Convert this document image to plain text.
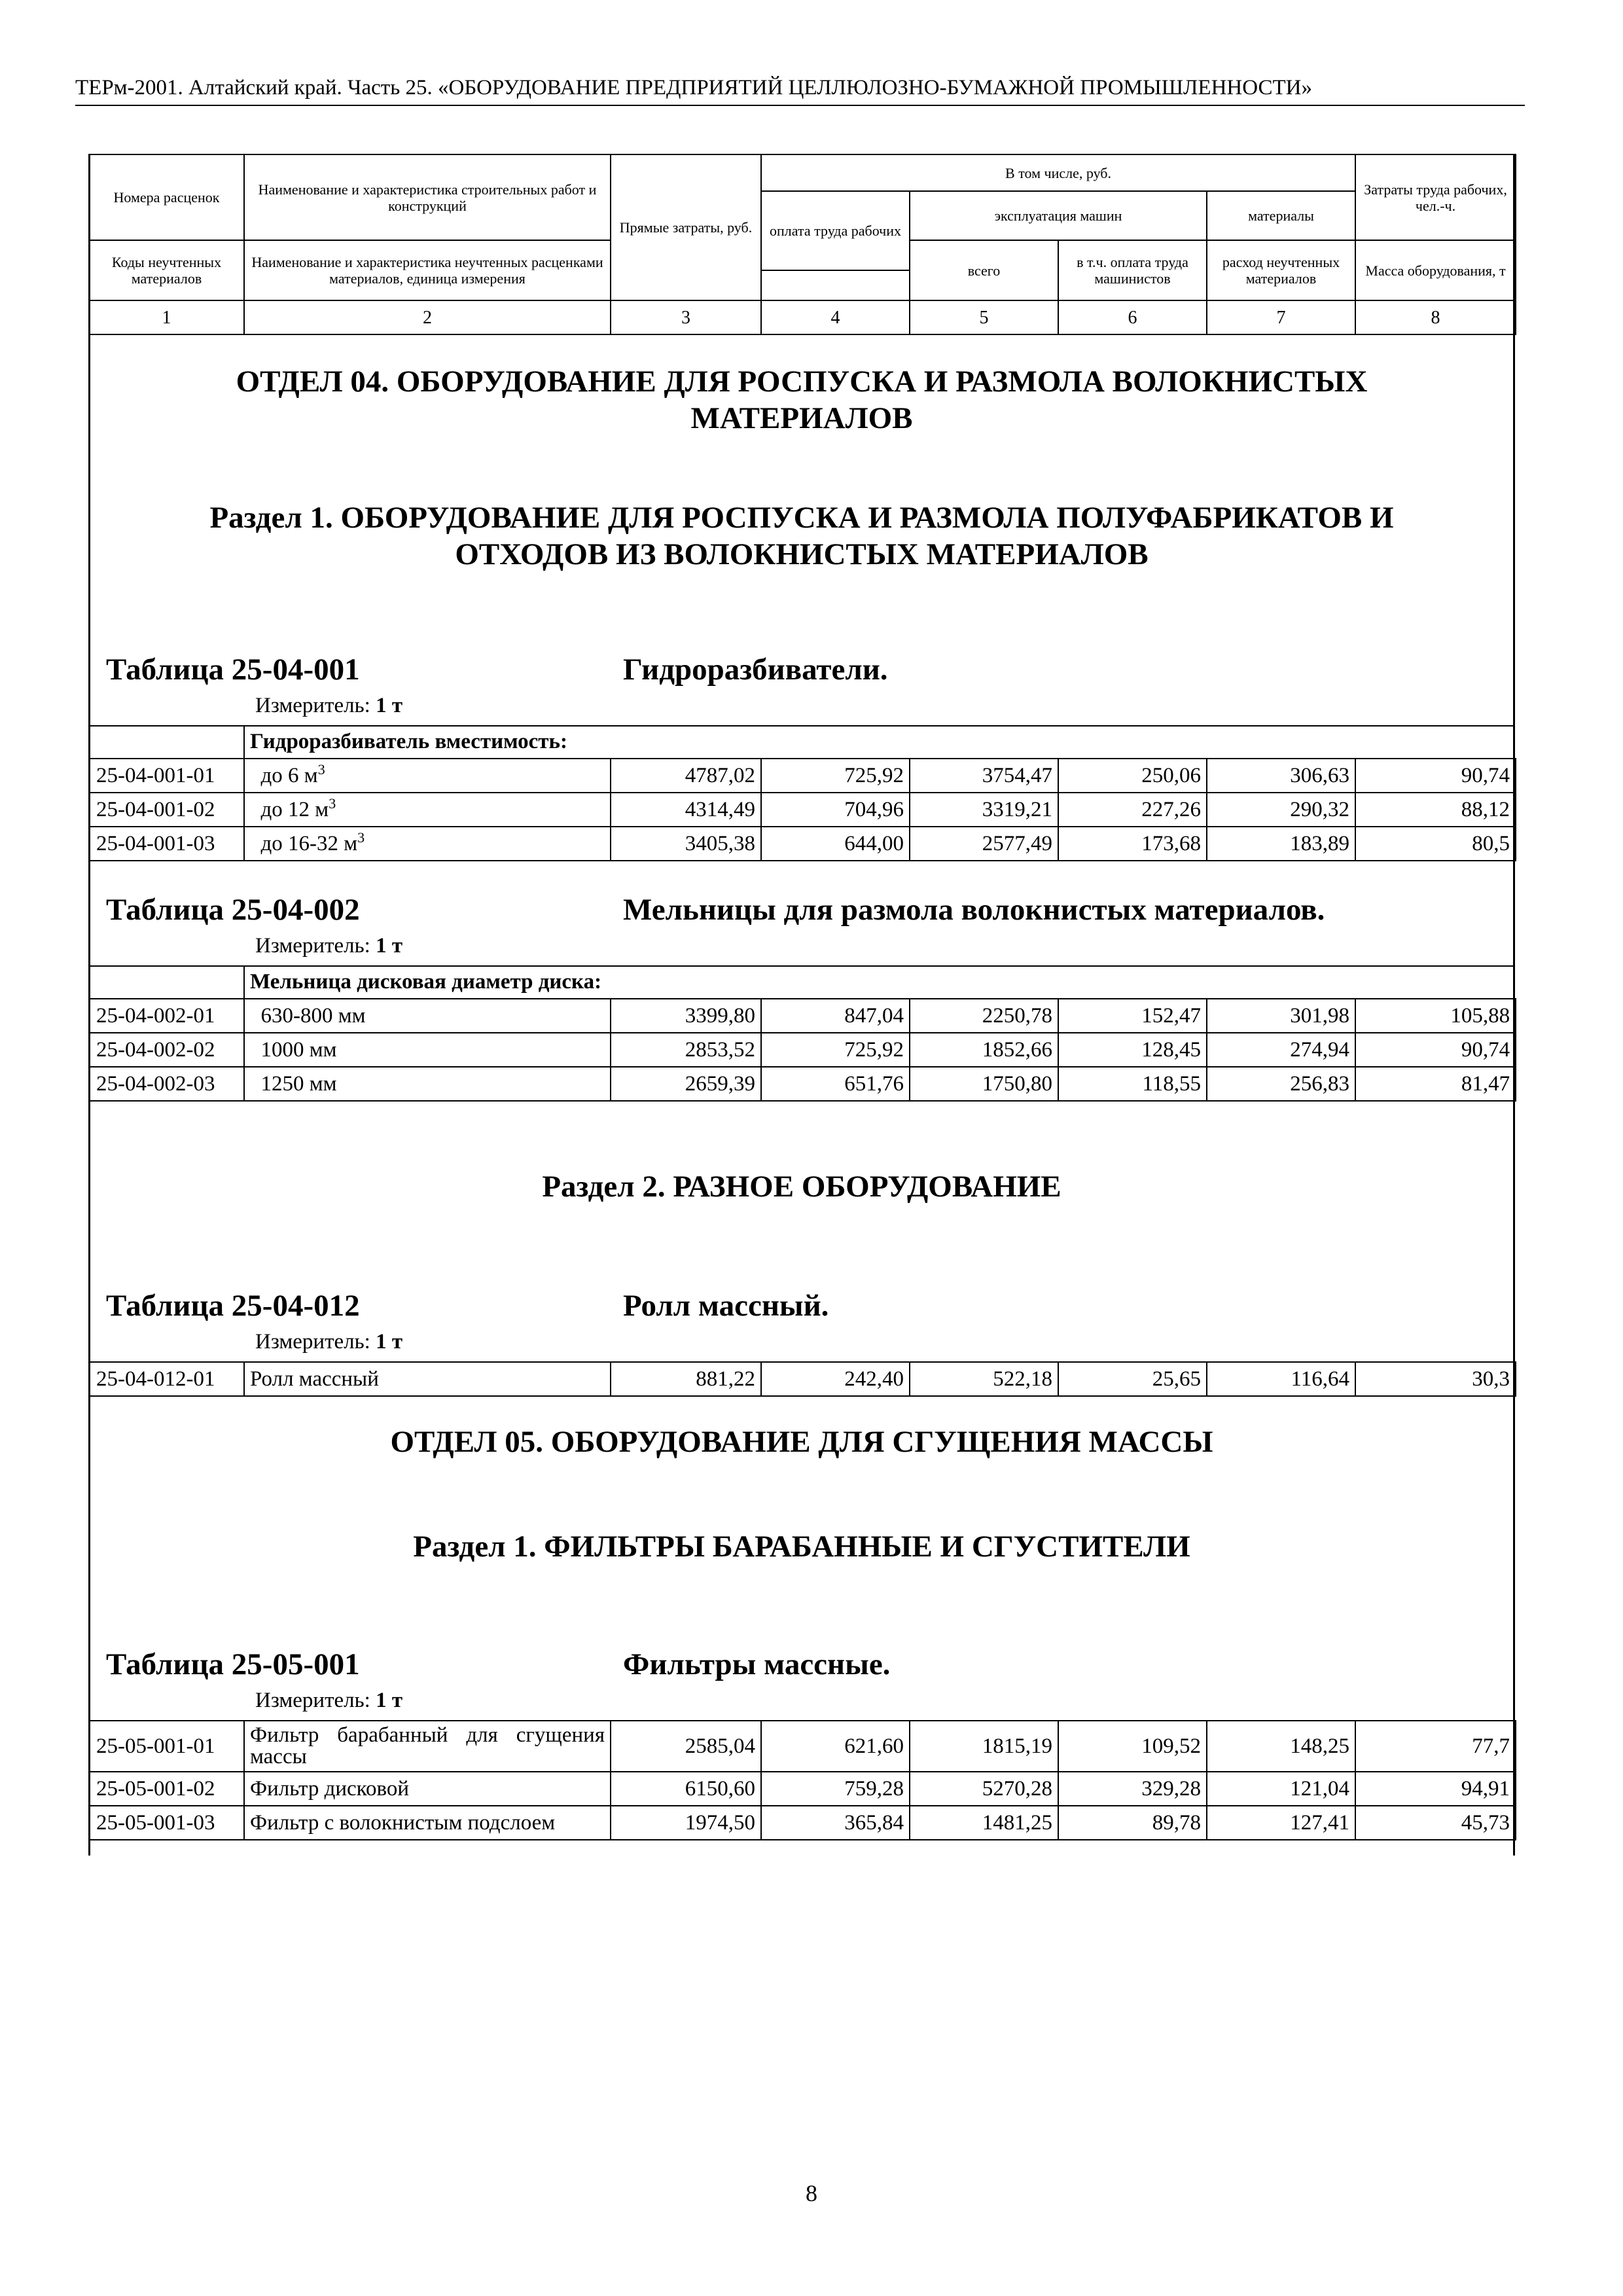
ТЕРм-2001. Алтайский край. Часть 25. «ОБОРУДОВАНИЕ ПРЕДПРИЯТИЙ ЦЕЛЛЮЛОЗНО-БУМАЖНОЙ ПРОМЫШЛЕННОСТИ»
Номера расценок	Наименование и характеристика строительных работ и конструкций	Прямые затраты, руб.	В том числе, руб.				Затраты труда рабочих, чел.-ч.
			оплата труда рабочих	эксплуатация машин		материалы	
Коды неучтенных материалов	Наименование и характеристика неучтенных расценками материалов, единица измерения			всего	в т.ч. оплата труда машинистов	расход неучтенных материалов	Масса оборудования, т

1	2	3	4	5	6	7	8
ОТДЕЛ 04. ОБОРУДОВАНИЕ ДЛЯ РОСПУСКА И РАЗМОЛА ВОЛОКНИСТЫХ
МАТЕРИАЛОВ
Раздел 1. ОБОРУДОВАНИЕ ДЛЯ РОСПУСКА И РАЗМОЛА ПОЛУФАБРИКАТОВ И
ОТХОДОВ ИЗ ВОЛОКНИСТЫХ МАТЕРИАЛОВ
Таблица 25-04-001	Гидроразбиватели.
Измеритель: 1 т
	Гидроразбиватель вместимость:						
25-04-001-01	до 6 $м^3$	4787,02	725,92	3754,47	250,06	306,63	90,74
25-04-001-02	до 12 $м^3$	4314,49	704,96	3319,21	227,26	290,32	88,12
25-04-001-03	до 16-32 $м^3$	3405,38	644,00	2577,49	173,68	183,89	80,5
Таблица 25-04-002	Мельницы для размола волокнистых материалов.
Измеритель: 1 т
	Мельница дисковая диаметр диска:						
25-04-002-01	630-800 мм	3399,80	847,04	2250,78	152,47	301,98	105,88
25-04-002-02	1000 мм	2853,52	725,92	1852,66	128,45	274,94	90,74
25-04-002-03	1250 мм	2659,39	651,76	1750,80	118,55	256,83	81,47
Раздел 2. РАЗНОЕ ОБОРУДОВАНИЕ
Таблица 25-04-012	Ролл массный.
Измеритель: 1 т
25-04-012-01	Ролл массный	881,22	242,40	522,18	25,65	116,64	30,3
ОТДЕЛ 05. ОБОРУДОВАНИЕ ДЛЯ СГУЩЕНИЯ МАССЫ
Раздел 1. ФИЛЬТРЫ БАРАБАННЫЕ И СГУСТИТЕЛИ
Таблица 25-05-001	Фильтры массные.
Измеритель: 1 т
25-05-001-01	Фильтр барабанный для сгущения массы	2585,04	621,60	1815,19	109,52	148,25	77,7
25-05-001-02	Фильтр дисковой	6150,60	759,28	5270,28	329,28	121,04	94,91
25-05-001-03	Фильтр с волокнистым подслоем	1974,50	365,84	1481,25	89,78	127,41	45,73
8
